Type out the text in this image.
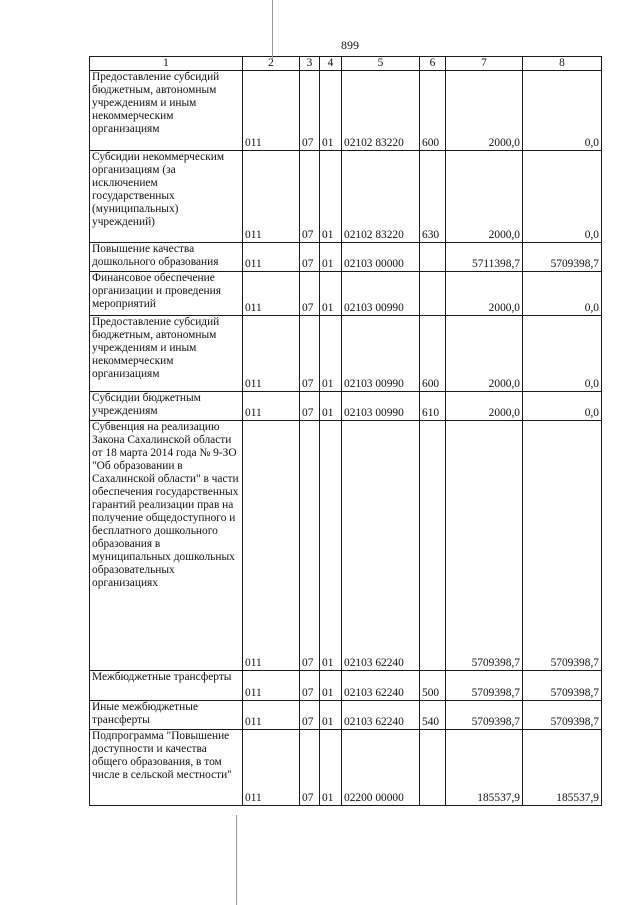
899
1	2	3	4	5	6	7	8
Предоставление субсидий бюджетным, автономным учреждениям и иным некоммерческим организациям	011	07	01	02102 83220	600	2000,0	0,0
Субсидии некоммерческим организациям (за исключением государственных (муниципальных) учреждений)	011	07	01	02102 83220	630	2000,0	0,0
Повышение качества дошкольного образования	011	07	01	02103 00000		5711398,7	5709398,7
Финансовое обеспечение организации и проведения мероприятий	011	07	01	02103 00990		2000,0	0,0
Предоставление субсидий бюджетным, автономным учреждениям и иным некоммерческим организациям	011	07	01	02103 00990	600	2000,0	0,0
Субсидии бюджетным учреждениям	011	07	01	02103 00990	610	2000,0	0,0
Субвенция на реализацию Закона Сахалинской области от 18 марта 2014 года № 9-ЗО "Об образовании в Сахалинской области" в части обеспечения государственных гарантий реализации прав на получение общедоступного и бесплатного дошкольного образования в муниципальных дошкольных образовательных организациях	011	07	01	02103 62240		5709398,7	5709398,7
Межбюджетные трансферты	011	07	01	02103 62240	500	5709398,7	5709398,7
Иные межбюджетные трансферты	011	07	01	02103 62240	540	5709398,7	5709398,7
Подпрограмма "Повышение доступности и качества общего образования, в том числе в сельской местности"	011	07	01	02200 00000		185537,9	185537,9
